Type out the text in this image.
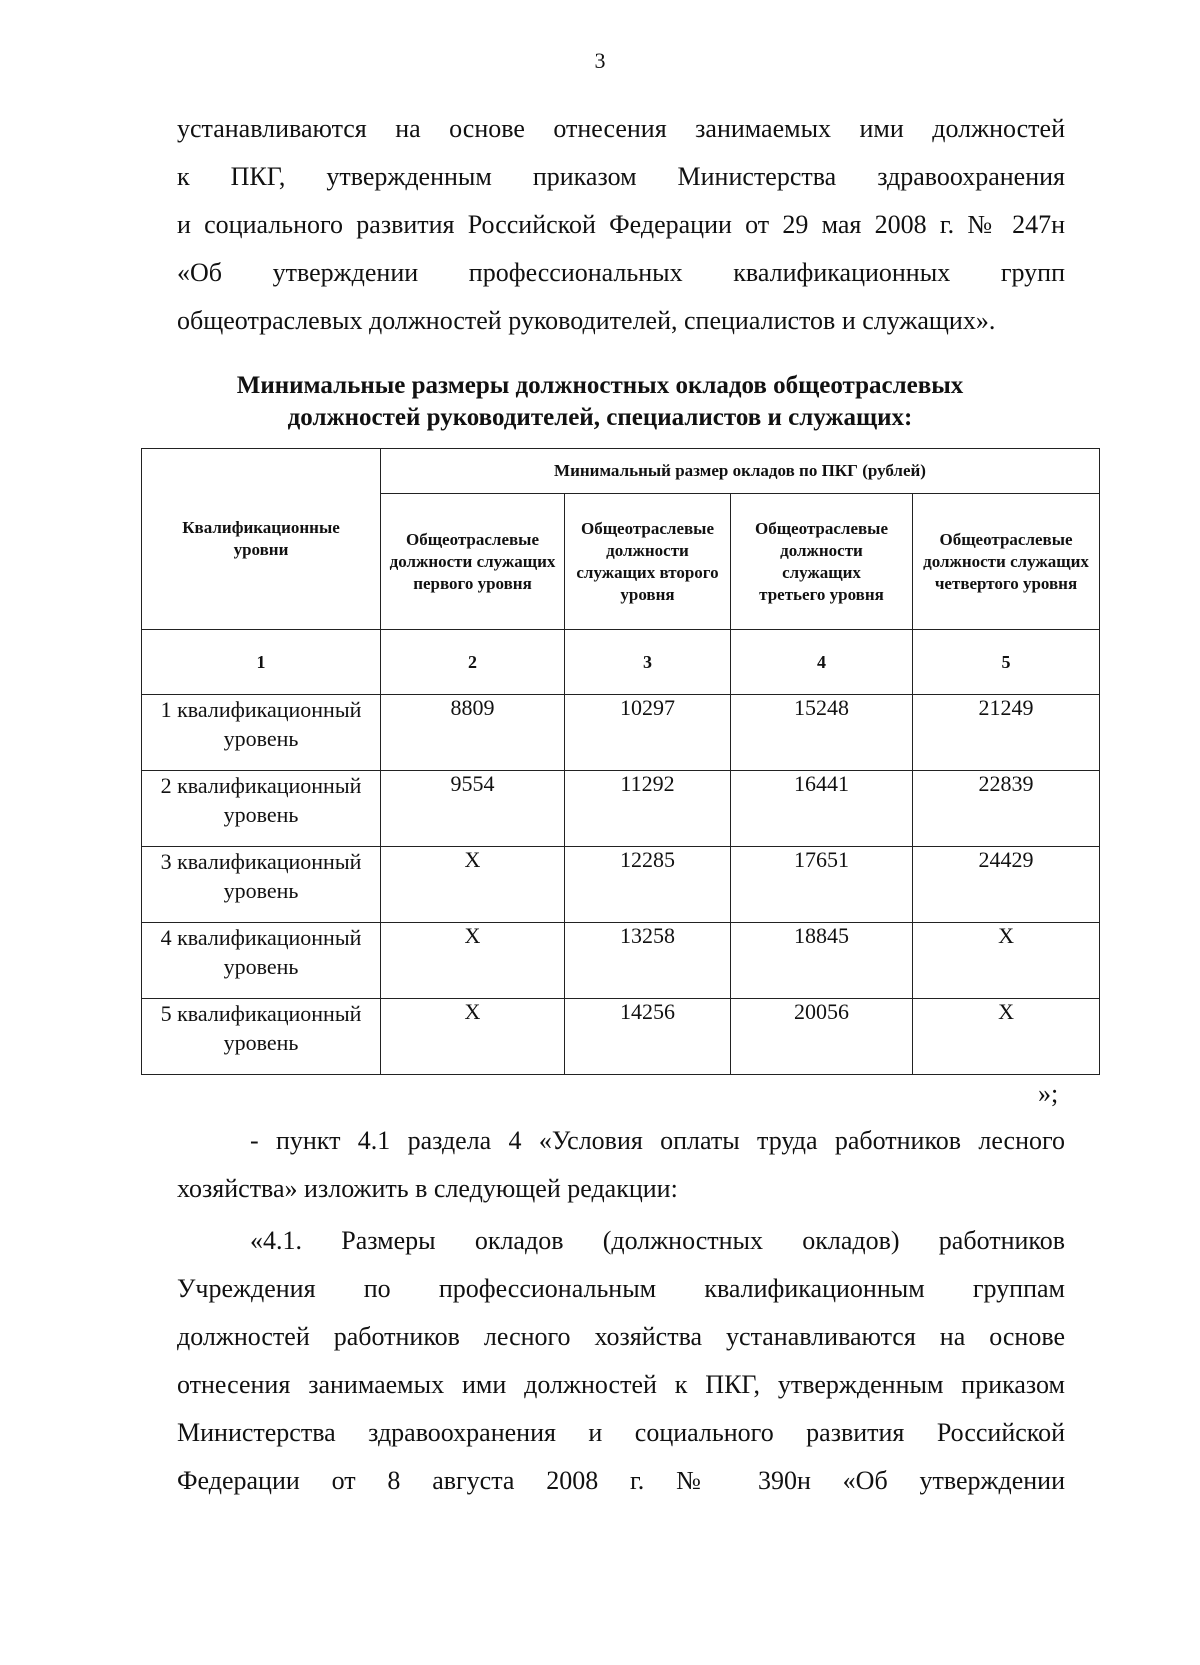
3
устанавливаются на основе отнесения занимаемых ими должностей
к ПКГ, утвержденным приказом Министерства здравоохранения
и социального развития Российской Федерации от 29 мая 2008 г. № 247н
«Об утверждении профессиональных квалификационных групп
общеотраслевых должностей руководителей, специалистов и служащих».
Минимальные размеры должностных окладов общеотраслевых
должностей руководителей, специалистов и служащих:
Квалификационные уровни	Минимальный размер окладов по ПКГ (рублей)			
	Общеотраслевые должности служащих первого уровня	Общеотраслевые должности служащих второго уровня	Общеотраслевые должности служащих третьего уровня	Общеотраслевые должности служащих четвертого уровня
1	2	3	4	5
1 квалификационный уровень	8809	10297	15248	21249
2 квалификационный уровень	9554	11292	16441	22839
3 квалификационный уровень	X	12285	17651	24429
4 квалификационный уровень	X	13258	18845	X
5 квалификационный уровень	X	14256	20056	X
»;
- пункт 4.1 раздела 4 «Условия оплаты труда работников лесного
хозяйства» изложить в следующей редакции:
«4.1. Размеры окладов (должностных окладов) работников
Учреждения по профессиональным квалификационным группам
должностей работников лесного хозяйства устанавливаются на основе
отнесения занимаемых ими должностей к ПКГ, утвержденным приказом
Министерства здравоохранения и социального развития Российской
Федерации от 8 августа 2008 г. № 390н «Об утверждении
